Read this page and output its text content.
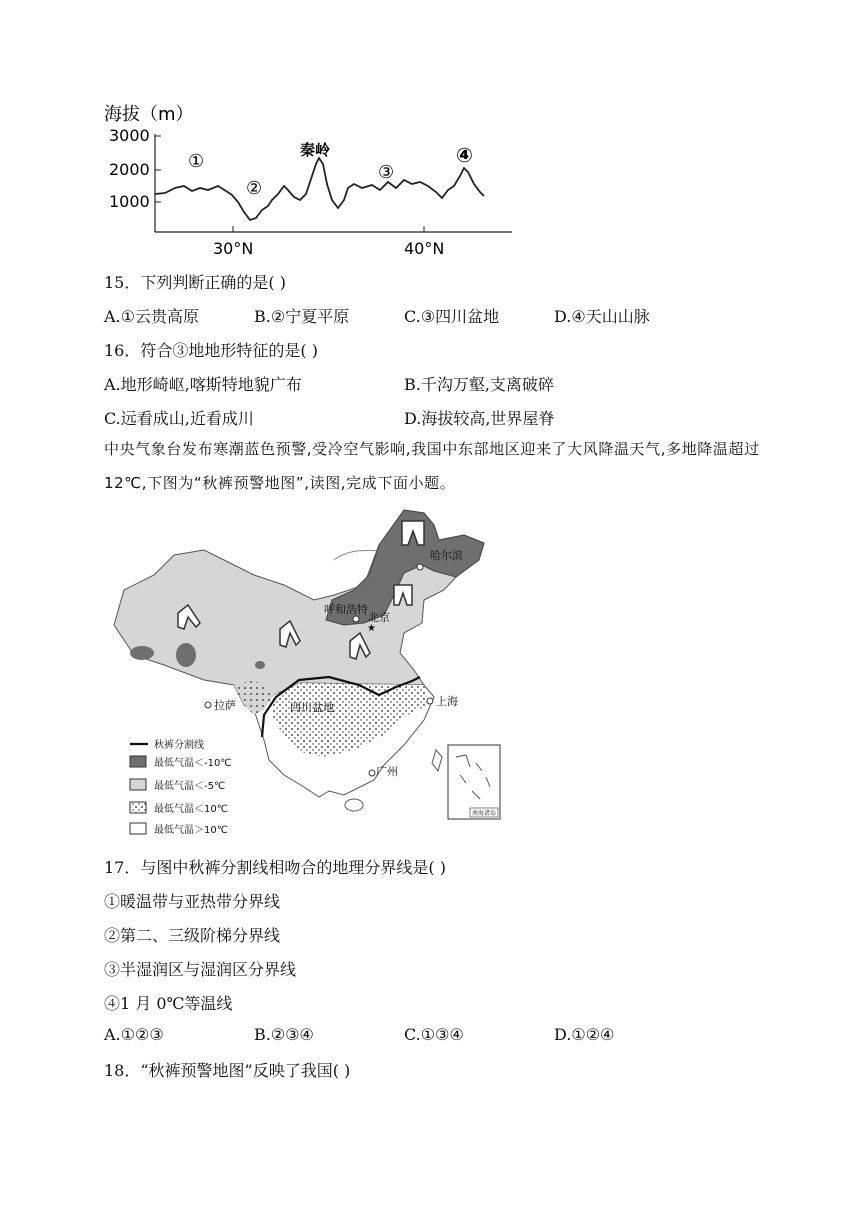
海拔（m）
3000
2000
1000
30°N	40°N
①
②
秦岭
③
④
15．下列判断正确的是( )
A.①云贵高原	B.②宁夏平原	C.③四川盆地	D.④天山山脉
16．符合③地地形特征的是( )
A.地形崎岖,喀斯特地貌广布	B.千沟万壑,支离破碎
C.远看成山,近看成川	D.海拔较高,世界屋脊
中央气象台发布寒潮蓝色预警,受冷空气影响,我国中东部地区迎来了大风降温天气,多地降温超过 12℃,下图为“秋裤预警地图”,读图,完成下面小题。
★
哈尔滨
呼和浩特
北京
拉萨	四川盆地	上海
广州
秋裤分割线
最低气温＜-10℃
最低气温＜-5℃
最低气温＜10℃
最低气温＞10℃
南海诸岛
17．与图中秋裤分割线相吻合的地理分界线是( )
①暖温带与亚热带分界线
②第二、三级阶梯分界线
③半湿润区与湿润区分界线
④1 月 0℃等温线
A.①②③	B.②③④	C.①③④	D.①②④
18．“秋裤预警地图”反映了我国( )
